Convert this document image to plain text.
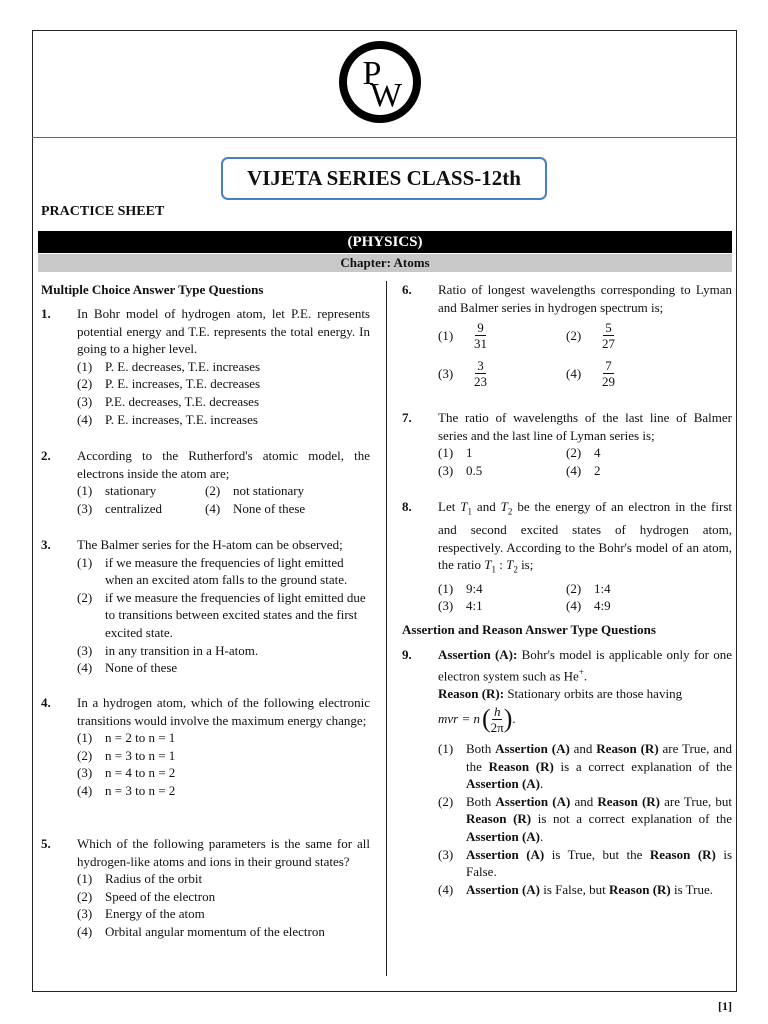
P
W
VIJETA SERIES CLASS-12th
PRACTICE SHEET
(PHYSICS)
Chapter: Atoms
Multiple Choice Answer Type Questions
1. In Bohr model of hydrogen atom, let P.E. represents potential energy and T.E. represents the total energy. In going to a higher level.
(1) P. E. decreases, T.E. increases
(2) P. E. increases, T.E. decreases
(3) P.E. decreases, T.E. decreases
(4) P. E. increases, T.E. increases
2. According to the Rutherford's atomic model, the electrons inside the atom are;
(1) stationary	(2) not stationary
(3) centralized	(4) None of these
3. The Balmer series for the H-atom can be observed;
(1) if we measure the frequencies of light emitted when an excited atom falls to the ground state.
(2) if we measure the frequencies of light emitted due to transitions between excited states and the first excited state.
(3) in any transition in a H-atom.
(4) None of these
4. In a hydrogen atom, which of the following electronic transitions would involve the maximum energy change;
(1) n = 2 to n = 1
(2) n = 3 to n = 1
(3) n = 4 to n = 2
(4) n = 3 to n = 2
5. Which of the following parameters is the same for all hydrogen-like atoms and ions in their ground states?
(1) Radius of the orbit
(2) Speed of the electron
(3) Energy of the atom
(4) Orbital angular momentum of the electron
6. Ratio of longest wavelengths corresponding to Lyman and Balmer series in hydrogen spectrum is;
$(1) \frac{9}{31}$	$(2) \frac{5}{27}$
$(3) \frac{3}{23}$	$(4) \frac{7}{29}$
7. The ratio of wavelengths of the last line of Balmer series and the last line of Lyman series is;
(1) 1	(2) 4
(3) 0.5	(4) 2
8. Let $T_1$ and $T_2$ be the energy of an electron in the first and second excited states of hydrogen atom, respectively. According to the Bohr's model of an atom, the ratio $T_1$ : $T_2$ is;
(1) 9:4	(2) 1:4
(3) 4:1	(4) 4:9
Assertion and Reason Answer Type Questions
9. Assertion (A): Bohr's model is applicable only for one electron system such as He+.
Reason (R): Stationary orbits are those having
mvr = n ( $\frac{h}{2\pi}$ ) .
(1) Both Assertion (A) and Reason (R) are True, and the Reason (R) is a correct explanation of the Assertion (A).
(2) Both Assertion (A) and Reason (R) are True, but Reason (R) is not a correct explanation of the Assertion (A).
(3) Assertion (A) is True, but the Reason (R) is False.
(4) Assertion (A) is False, but Reason (R) is True.
[1]
